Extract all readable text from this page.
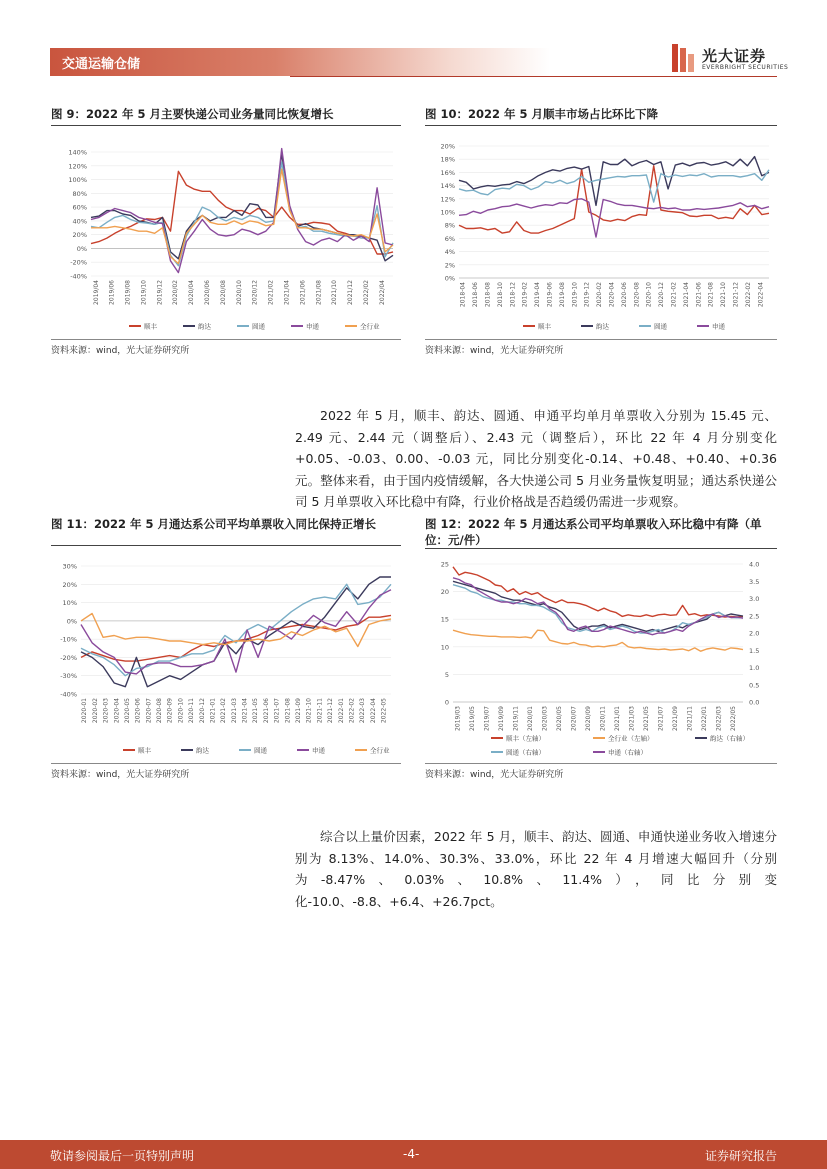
交通运输仓储	光大证券
EVERBRIGHT SECURITIES
图 9：2022 年 5 月主要快递公司业务量同比恢复增长
140%
120%
100%
80%
60%
40%
20%
0%
-20%
-40%
2019/04 2019/06 2019/08 2019/10 2019/12 2020/02 2020/04 2020/06 2020/08 2020/10 2020/12 2021/02 2021/04 2021/06 2021/08 2021/10 2021/12 2022/02 2022/04
顺丰	韵达	圆通	申通	全行业
资料来源：wind，光大证券研究所
图 10：2022 年 5 月顺丰市场占比环比下降
20%
18%
16%
14%
12%
10%
8%
6%
4%
2%
0%
2018-04 2018-06 2018-08 2018-10 2018-12 2019-02 2019-04 2019-06 2019-08 2019-10 2019-12 2020-02 2020-04 2020-06 2020-08 2020-10 2020-12 2021-02 2021-04 2021-06 2021-08 2021-10 2021-12 2022-02 2022-04
顺丰	韵达	圆通	申通
资料来源：wind，光大证券研究所

2022 年 5 月，顺丰、韵达、圆通、申通平均单月单票收入分别为 15.45 元、2.49 元、2.44 元（调整后）、2.43 元（调整后），环比 22 年 4 月分别变化+0.05、-0.03、0.00、-0.03 元，同比分别变化-0.14、+0.48、+0.40、+0.36 元。整体来看，由于国内疫情缓解，各大快递公司 5 月业务量恢复明显；通达系快递公司 5 月单票收入环比稳中有降，行业价格战是否趋缓仍需进一步观察。

图 11：2022 年 5 月通达系公司平均单票收入同比保持正增长
30%
20%
10%
0%
-10%
-20%
-30%
-40%
2020-01 2020-02 2020-03 2020-04 2020-05 2020-06 2020-07 2020-08 2020-09 2020-10 2020-11 2020-12 2021-01 2021-02 2021-03 2021-04 2021-05 2021-06 2021-07 2021-08 2021-09 2021-10 2021-11 2021-12 2022-01 2022-02 2022-03 2022-04 2022-05
顺丰	韵达	圆通	申通	全行业
资料来源：wind，光大证券研究所
图 12：2022 年 5 月通达系公司平均单票收入环比稳中有降（单位：元/件）
25
20
15
10
5
0
4.0
3.5
3.0
2.5
2.0
1.5
1.0
0.5
0.0
2019/03 2019/05 2019/07 2019/09 2019/11 2020/01 2020/03 2020/05 2020/07 2020/09 2020/11 2021/01 2021/03 2021/05 2021/07 2021/09 2021/11 2022/01 2022/03 2022/05
顺丰（左轴）	全行业（左轴）	韵达（右轴）
圆通（右轴）	申通（右轴）
资料来源：wind，光大证券研究所

综合以上量价因素，2022 年 5 月，顺丰、韵达、圆通、申通快递业务收入增速分别为 8.13%、14.0%、30.3%、33.0%，环比 22 年 4 月增速大幅回升（分别为-8.47%、0.03%、10.8%、11.4%），同比分别变化-10.0、-8.8、+6.4、+26.7pct。

敬请参阅最后一页特别声明	-4-	证券研究报告
